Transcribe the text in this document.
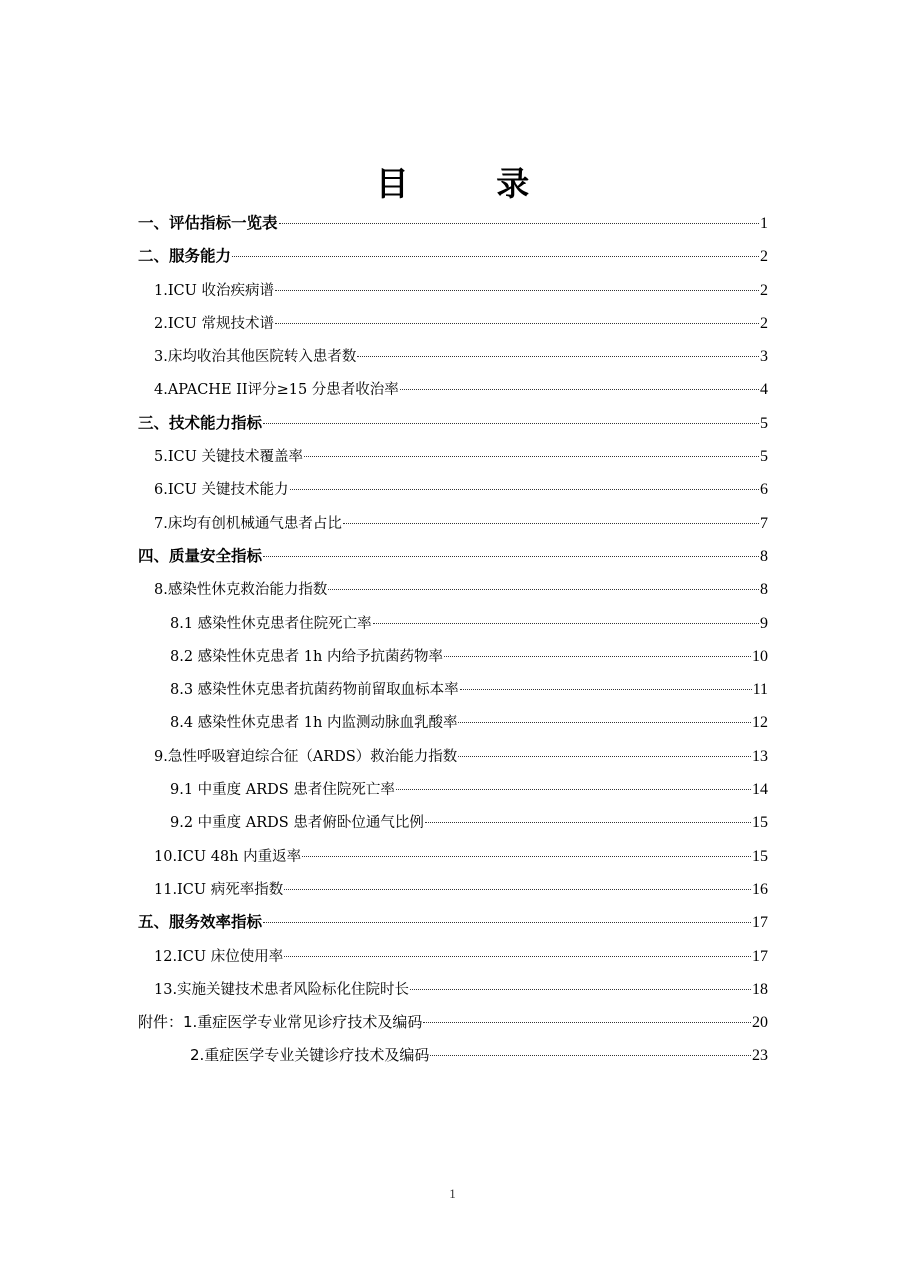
目 录
一、评估指标一览表	1
二、服务能力	2
1.ICU 收治疾病谱	2
2.ICU 常规技术谱	2
3.床均收治其他医院转入患者数	3
4.APACHE II评分≥15 分患者收治率	4
三、技术能力指标	5
5.ICU 关键技术覆盖率	5
6.ICU 关键技术能力	6
7.床均有创机械通气患者占比	7
四、质量安全指标	8
8.感染性休克救治能力指数	8
8.1 感染性休克患者住院死亡率	9
8.2 感染性休克患者 1h 内给予抗菌药物率	10
8.3 感染性休克患者抗菌药物前留取血标本率	11
8.4 感染性休克患者 1h 内监测动脉血乳酸率	12
9.急性呼吸窘迫综合征（ARDS）救治能力指数	13
9.1 中重度 ARDS 患者住院死亡率	14
9.2 中重度 ARDS 患者俯卧位通气比例	15
10.ICU 48h 内重返率	15
11.ICU 病死率指数	16
五、服务效率指标	17
12.ICU 床位使用率	17
13.实施关键技术患者风险标化住院时长	18
附件：1.重症医学专业常见诊疗技术及编码	20
2.重症医学专业关键诊疗技术及编码	23
1
